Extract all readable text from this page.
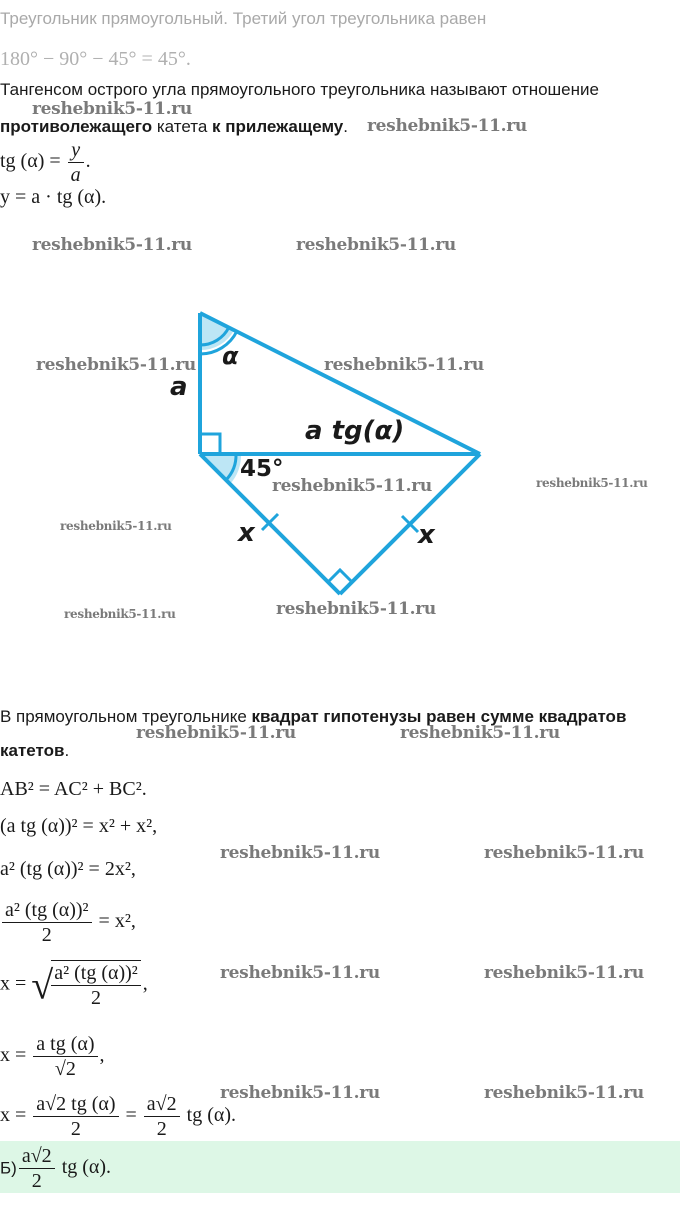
Треугольник прямоугольный. Третий угол треугольника равен
180° − 90° − 45° = 45°.
Тангенсом острого угла прямоугольного треугольника называют отношение
противолежащего катета к прилежащему.
tg $(\alpha) = \frac{y}{a}$ .
y = a · tg (α).
α
a
a tg(α)
45°
x	x
В прямоугольном треугольнике квадрат гипотенузы равен сумме квадратов катетов.
AB² = AC² + BC².
(a tg (α))² = x² + x²,
a² (tg (α))² = 2x²,
$\frac{\text{a² (tg (α))²}}{2} = x^2$,
x = √
$\frac{\text{a² (tg (α))²}}{2}$ ,
$x = \frac{\text{a tg (α)}}{√2}$ ,
$x = \frac{a√2 tg (\alpha)}{2} = \frac{a√2}{2}$ tg (α).
$Б) \frac{a√2}{2}$ tg (α).
reshebnik5-11.ru
reshebnik5-11.ru
reshebnik5-11.ru	reshebnik5-11.ru
reshebnik5-11.ru	reshebnik5-11.ru
reshebnik5-11.ru	reshebnik5-11.ru
reshebnik5-11.ru
reshebnik5-11.ru	reshebnik5-11.ru
reshebnik5-11.ru	reshebnik5-11.ru
reshebnik5-11.ru	reshebnik5-11.ru
reshebnik5-11.ru	reshebnik5-11.ru
reshebnik5-11.ru	reshebnik5-11.ru
